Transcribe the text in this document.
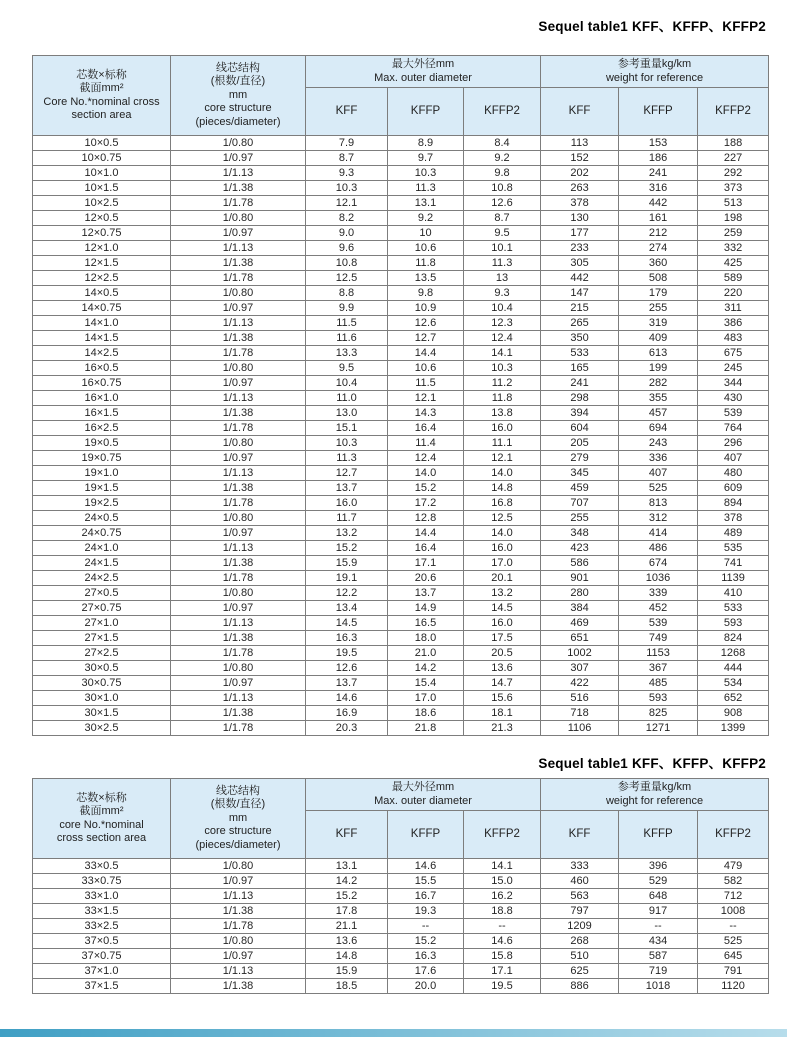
Sequel table1 KFF、KFFP、KFFP2
芯数×标称
截面mm²
Core No.*nominal cross
section area

线芯结构
(根数/直径)
mm
core structure
(pieces/diameter)

最大外径mm
Max. outer diameter

参考重量kg/km
weight for reference

		KFF	KFFP	KFFP2	KFF	KFFP	KFFP2
10×0.5	1/0.80	7.9	8.9	8.4	113	153	188
10×0.75	1/0.97	8.7	9.7	9.2	152	186	227
10×1.0	1/1.13	9.3	10.3	9.8	202	241	292
10×1.5	1/1.38	10.3	11.3	10.8	263	316	373
10×2.5	1/1.78	12.1	13.1	12.6	378	442	513
12×0.5	1/0.80	8.2	9.2	8.7	130	161	198
12×0.75	1/0.97	9.0	10	9.5	177	212	259
12×1.0	1/1.13	9.6	10.6	10.1	233	274	332
12×1.5	1/1.38	10.8	11.8	11.3	305	360	425
12×2.5	1/1.78	12.5	13.5	13	442	508	589
14×0.5	1/0.80	8.8	9.8	9.3	147	179	220
14×0.75	1/0.97	9.9	10.9	10.4	215	255	311
14×1.0	1/1.13	11.5	12.6	12.3	265	319	386
14×1.5	1/1.38	11.6	12.7	12.4	350	409	483
14×2.5	1/1.78	13.3	14.4	14.1	533	613	675
16×0.5	1/0.80	9.5	10.6	10.3	165	199	245
16×0.75	1/0.97	10.4	11.5	11.2	241	282	344
16×1.0	1/1.13	11.0	12.1	11.8	298	355	430
16×1.5	1/1.38	13.0	14.3	13.8	394	457	539
16×2.5	1/1.78	15.1	16.4	16.0	604	694	764
19×0.5	1/0.80	10.3	11.4	11.1	205	243	296
19×0.75	1/0.97	11.3	12.4	12.1	279	336	407
19×1.0	1/1.13	12.7	14.0	14.0	345	407	480
19×1.5	1/1.38	13.7	15.2	14.8	459	525	609
19×2.5	1/1.78	16.0	17.2	16.8	707	813	894
24×0.5	1/0.80	11.7	12.8	12.5	255	312	378
24×0.75	1/0.97	13.2	14.4	14.0	348	414	489
24×1.0	1/1.13	15.2	16.4	16.0	423	486	535
24×1.5	1/1.38	15.9	17.1	17.0	586	674	741
24×2.5	1/1.78	19.1	20.6	20.1	901	1036	1139
27×0.5	1/0.80	12.2	13.7	13.2	280	339	410
27×0.75	1/0.97	13.4	14.9	14.5	384	452	533
27×1.0	1/1.13	14.5	16.5	16.0	469	539	593
27×1.5	1/1.38	16.3	18.0	17.5	651	749	824
27×2.5	1/1.78	19.5	21.0	20.5	1002	1153	1268
30×0.5	1/0.80	12.6	14.2	13.6	307	367	444
30×0.75	1/0.97	13.7	15.4	14.7	422	485	534
30×1.0	1/1.13	14.6	17.0	15.6	516	593	652
30×1.5	1/1.38	16.9	18.6	18.1	718	825	908
30×2.5	1/1.78	20.3	21.8	21.3	1106	1271	1399
Sequel table1 KFF、KFFP、KFFP2
芯数×标称
截面mm²
core No.*nominal
cross section area

线芯结构
(根数/直径)
mm
core structure
(pieces/diameter)

最大外径mm
Max. outer diameter

参考重量kg/km
weight for reference

		KFF	KFFP	KFFP2	KFF	KFFP	KFFP2
33×0.5	1/0.80	13.1	14.6	14.1	333	396	479
33×0.75	1/0.97	14.2	15.5	15.0	460	529	582
33×1.0	1/1.13	15.2	16.7	16.2	563	648	712
33×1.5	1/1.38	17.8	19.3	18.8	797	917	1008
33×2.5	1/1.78	21.1	--	--	1209	--	--
37×0.5	1/0.80	13.6	15.2	14.6	268	434	525
37×0.75	1/0.97	14.8	16.3	15.8	510	587	645
37×1.0	1/1.13	15.9	17.6	17.1	625	719	791
37×1.5	1/1.38	18.5	20.0	19.5	886	1018	1120
